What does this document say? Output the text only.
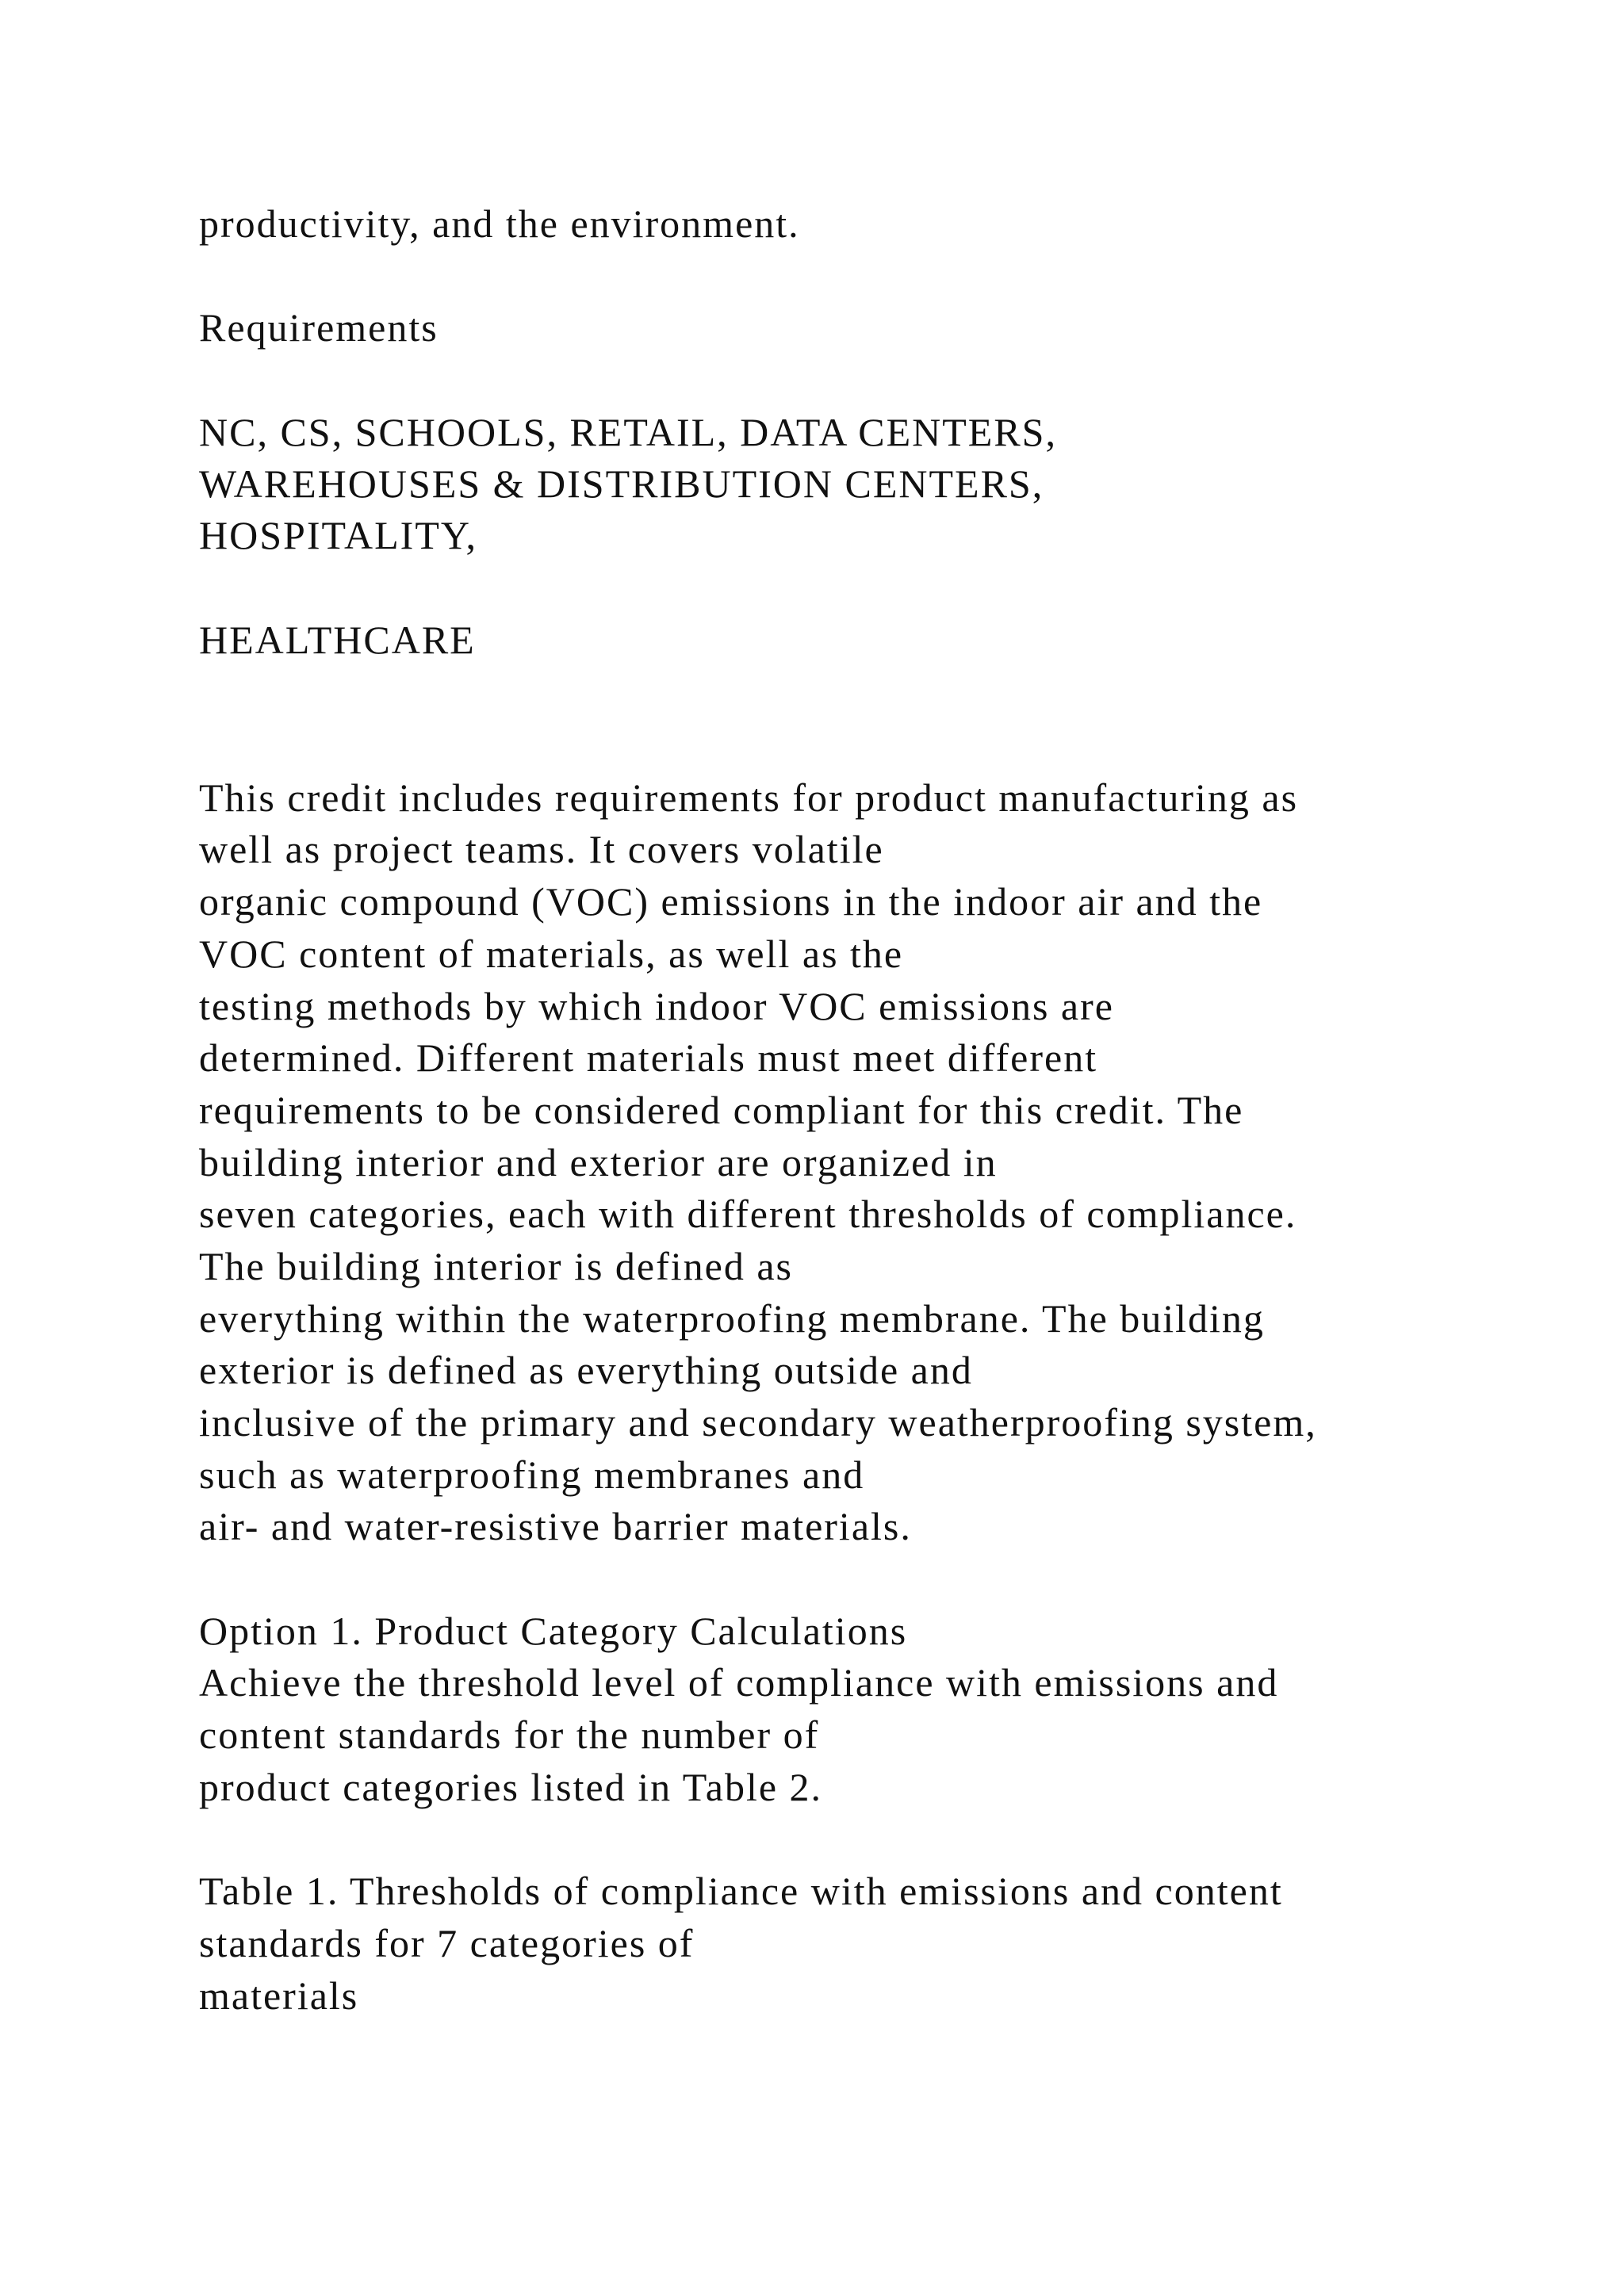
productivity, and the environment.
Requirements
NC, CS, SCHOOLS, RETAIL, DATA CENTERS,
WAREHOUSES & DISTRIBUTION CENTERS,
HOSPITALITY,
HEALTHCARE
This credit includes requirements for product manufacturing as
well as project teams. It covers volatile
organic compound (VOC) emissions in the indoor air and the
VOC content of materials, as well as the
testing methods by which indoor VOC emissions are
determined. Different materials must meet different
requirements to be considered compliant for this credit. The
building interior and exterior are organized in
seven categories, each with different thresholds of compliance.
The building interior is defined as
everything within the waterproofing membrane. The building
exterior is defined as everything outside and
inclusive of the primary and secondary weatherproofing system,
such as waterproofing membranes and
air- and water-resistive barrier materials.
Option 1. Product Category Calculations
Achieve the threshold level of compliance with emissions and
content standards for the number of
product categories listed in Table 2.
Table 1. Thresholds of compliance with emissions and content
standards for 7 categories of
materials
